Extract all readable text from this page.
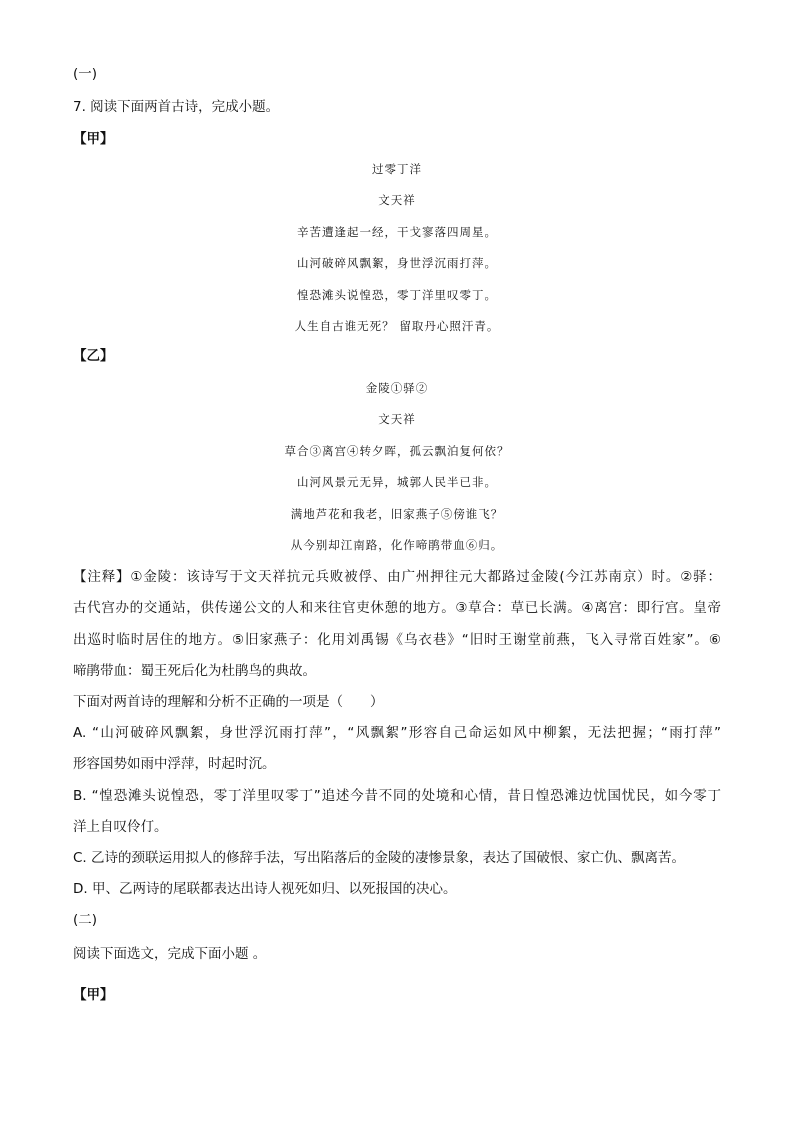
(一)
7. 阅读下面两首古诗，完成小题。
【甲】
过零丁洋
文天祥
辛苦遭逢起一经，干戈寥落四周星。
山河破碎风飘絮，身世浮沉雨打萍。
惶恐滩头说惶恐，零丁洋里叹零丁。
人生自古谁无死？ 留取丹心照汗青。
【乙】
金陵①驿②
文天祥
草合③离宫④转夕晖，孤云飘泊复何依？
山河风景元无异，城郭人民半已非。
满地芦花和我老，旧家燕子⑤傍谁飞？
从今别却江南路，化作啼鹃带血⑥归。
【注释】①金陵：该诗写于文天祥抗元兵败被俘、由广州押往元大都路过金陵(今江苏南京）时。②驿：
古代宫办的交通站，供传递公文的人和来往官吏休憩的地方。③草合：草已长满。④离宫：即行宫。皇帝
出巡时临时居住的地方。⑤旧家燕子：化用刘禹锡《乌衣巷》“旧时王谢堂前燕，飞入寻常百姓家”。⑥
啼鹃带血：蜀王死后化为杜鹃鸟的典故。
下面对两首诗的理解和分析不正确的一项是（　　）
A. “山河破碎风飘絮，身世浮沉雨打萍”，“风飘絮”形容自己命运如风中柳絮，无法把握；“雨打萍”
形容国势如雨中浮萍，时起时沉。
B. “惶恐滩头说惶恐，零丁洋里叹零丁”追述今昔不同的处境和心情，昔日惶恐滩边忧国忧民，如今零丁
洋上自叹伶仃。
C. 乙诗的颈联运用拟人的修辞手法，写出陷落后的金陵的凄惨景象，表达了国破恨、家亡仇、飘离苦。
D. 甲、乙两诗的尾联都表达出诗人视死如归、以死报国的决心。
(二)
阅读下面选文，完成下面小题 。
【甲】
